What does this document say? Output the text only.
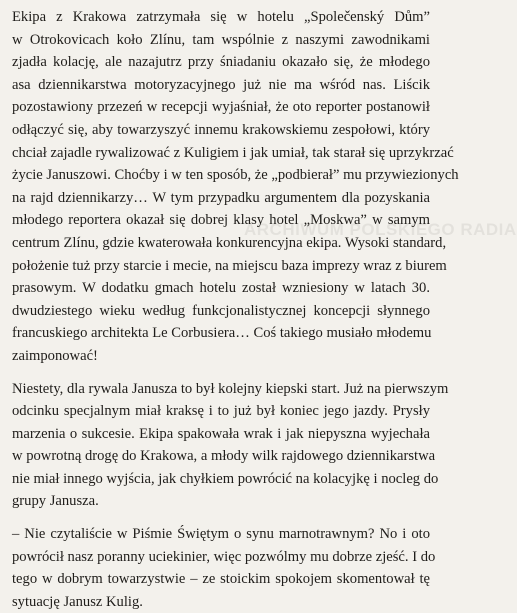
ARCHIWUM POLSKIEGO RADIA
Ekipa z Krakowa zatrzymała się w hotelu „Společenský Dům”
w Otrokovicach koło Zlínu, tam wspólnie z naszymi zawodnikami
zjadła kolację, ale nazajutrz przy śniadaniu okazało się, że młodego
asa dziennikarstwa motoryzacyjnego już nie ma wśród nas. Liścik
pozostawiony przezeń w recepcji wyjaśniał, że oto reporter postanowił
odłączyć się, aby towarzyszyć innemu krakowskiemu zespołowi, który
chciał zajadle rywalizować z Kuligiem i jak umiał, tak starał się uprzykrzać
życie Januszowi. Choćby i w ten sposób, że „podbierał” mu przywiezionych
na rajd dziennikarzy… W tym przypadku argumentem dla pozyskania
młodego reportera okazał się dobrej klasy hotel „Moskwa” w samym
centrum Zlínu, gdzie kwaterowała konkurencyjna ekipa. Wysoki standard,
położenie tuż przy starcie i mecie, na miejscu baza imprezy wraz z biurem
prasowym. W dodatku gmach hotelu został wzniesiony w latach 30.
dwudziestego wieku według funkcjonalistycznej koncepcji słynnego
francuskiego architekta Le Corbusiera… Coś takiego musiało młodemu
zaimponować!
Niestety, dla rywala Janusza to był kolejny kiepski start. Już na pierwszym
odcinku specjalnym miał kraksę i to już był koniec jego jazdy. Prysły
marzenia o sukcesie. Ekipa spakowała wrak i jak niepyszna wyjechała
w powrotną drogę do Krakowa, a młody wilk rajdowego dziennikarstwa
nie miał innego wyjścia, jak chyłkiem powrócić na kolacyjkę i nocleg do
grupy Janusza.
– Nie czytaliście w Piśmie Świętym o synu marnotrawnym? No i oto
powrócił nasz poranny uciekinier, więc pozwólmy mu dobrze zjeść. I do
tego w dobrym towarzystwie – ze stoickim spokojem skomentował tę
sytuację Janusz Kulig.
